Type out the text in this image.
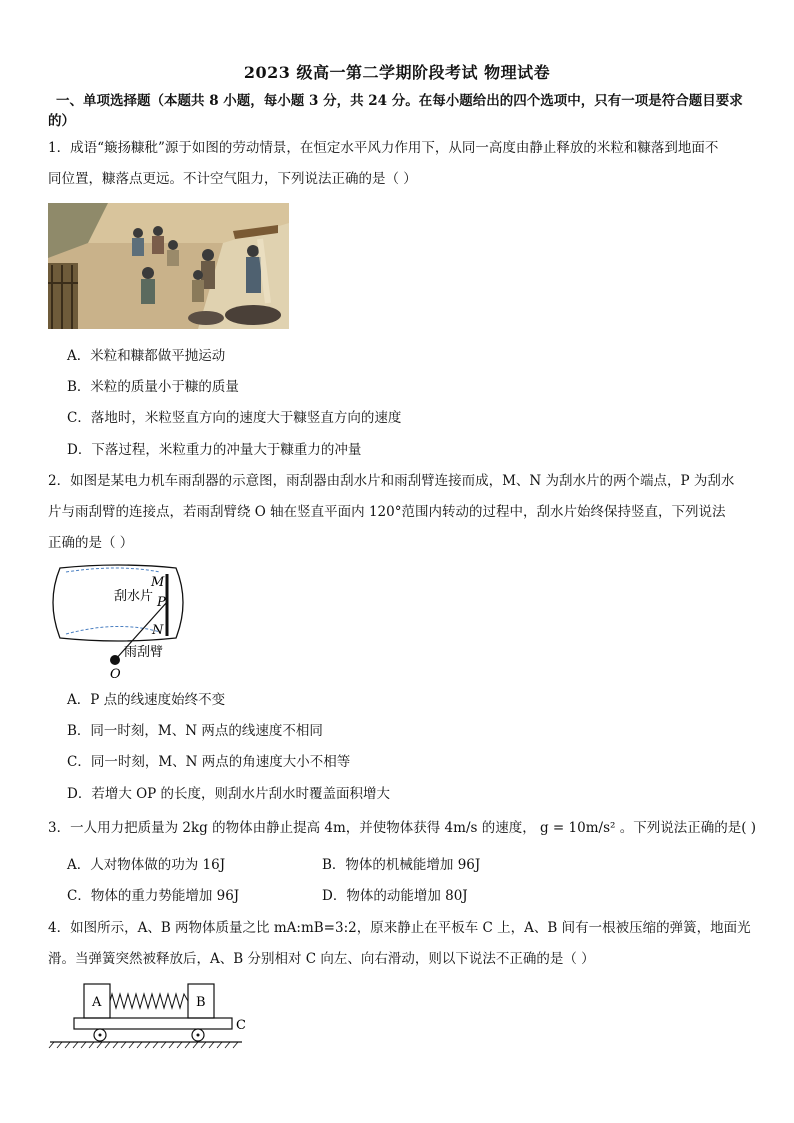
2023 级高一第二学期阶段考试 物理试卷
一、单项选择题（本题共 8 小题，每小题 3 分，共 24 分。在每小题给出的四个选项中，只有一项是符合题目要求
的）
1．成语“簸扬糠秕”源于如图的劳动情景，在恒定水平风力作用下，从同一高度由静止释放的米粒和糠落到地面不
同位置，糠落点更远。不计空气阻力，下列说法正确的是（ ）
A．米粒和糠都做平抛运动
B．米粒的质量小于糠的质量
C．落地时，米粒竖直方向的速度大于糠竖直方向的速度
D．下落过程，米粒重力的冲量大于糠重力的冲量
2．如图是某电力机车雨刮器的示意图，雨刮器由刮水片和雨刮臂连接而成，M、N 为刮水片的两个端点，P 为刮水
片与雨刮臂的连接点，若雨刮臂绕 O 轴在竖直平面内 120°范围内转动的过程中，刮水片始终保持竖直，下列说法
正确的是（ ）
刮水片
雨刮臂
M
P
N
O
A．P 点的线速度始终不变
B．同一时刻，M、N 两点的线速度不相同
C．同一时刻，M、N 两点的角速度大小不相等
D．若增大 OP 的长度，则刮水片刮水时覆盖面积增大
3．一人用力把质量为 2kg 的物体由静止提高 4m，并使物体获得 4m/s 的速度， g = 10m/s² 。下列说法正确的是( )
A．人对物体做的功为 16J	B．物体的机械能增加 96J
C．物体的重力势能增加 96J	D．物体的动能增加 80J
4．如图所示，A、B 两物体质量之比 mA:mB=3:2，原来静止在平板车 C 上，A、B 间有一根被压缩的弹簧，地面光
滑。当弹簧突然被释放后，A、B 分别相对 C 向左、向右滑动，则以下说法不正确的是（ ）
A	B
C
